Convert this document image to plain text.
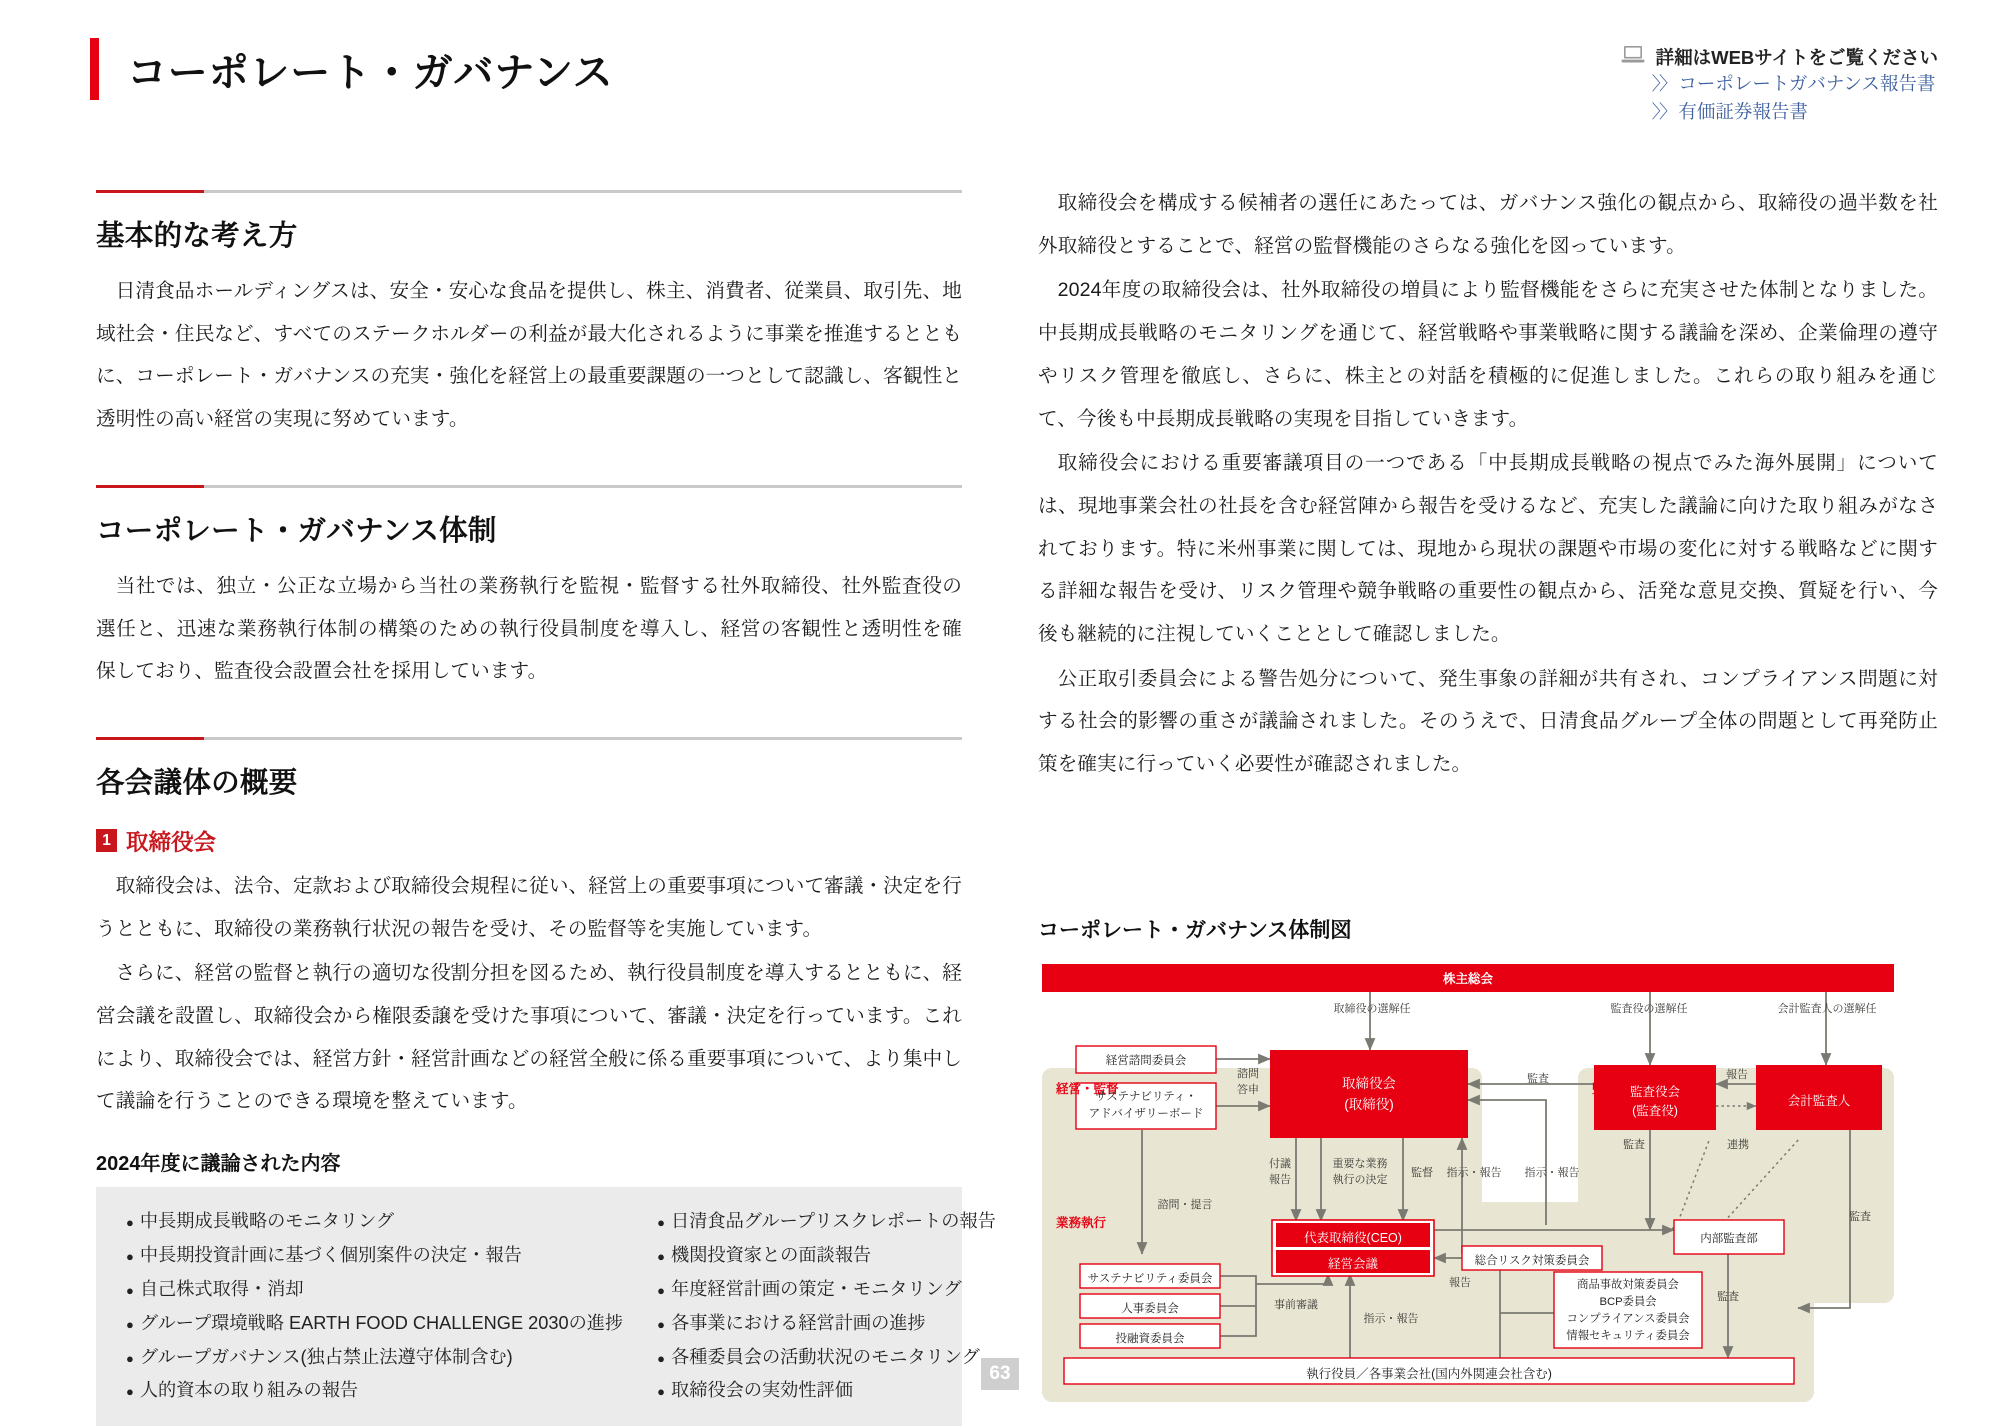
コーポレート・ガバナンス	詳細はWEBサイトをご覧ください
〉〉 コーポレートガバナンス報告書
〉〉 有価証券報告書
基本的な考え方

日清食品ホールディングスは、安全・安心な食品を提供し、株主、消費者、従業員、取引先、地域社会・住民など、すべてのステークホルダーの利益が最大化されるように事業を推進するとともに、コーポレート・ガバナンスの充実・強化を経営上の最重要課題の一つとして認識し、客観性と透明性の高い経営の実現に努めています。

コーポレート・ガバナンス体制

当社では、独立・公正な立場から当社の業務執行を監視・監督する社外取締役、社外監査役の選任と、迅速な業務執行体制の構築のための執行役員制度を導入し、経営の客観性と透明性を確保しており、監査役会設置会社を採用しています。

各会議体の概要
1 取締役会

取締役会は、法令、定款および取締役会規程に従い、経営上の重要事項について審議・決定を行うとともに、取締役の業務執行状況の報告を受け、その監督等を実施しています。

さらに、経営の監督と執行の適切な役割分担を図るため、執行役員制度を導入するとともに、経営会議を設置し、取締役会から権限委譲を受けた事項について、審議・決定を行っています。これにより、取締役会では、経営方針・経営計画などの経営全般に係る重要事項について、より集中して議論を行うことのできる環境を整えています。

2024年度に議論された内容
● 中長期成長戦略のモニタリング
● 中長期投資計画に基づく個別案件の決定・報告
● 自己株式取得・消却
● グループ環境戦略 EARTH FOOD CHALLENGE 2030の進捗
● グループガバナンス(独占禁止法遵守体制含む)
● 人的資本の取り組みの報告
● 日清食品グループリスクレポートの報告
● 機関投資家との面談報告
● 年度経営計画の策定・モニタリング
● 各事業における経営計画の進捗
● 各種委員会の活動状況のモニタリング
● 取締役会の実効性評価

取締役会を構成する候補者の選任にあたっては、ガバナンス強化の観点から、取締役の過半数を社外取締役とすることで、経営の監督機能のさらなる強化を図っています。

2024年度の取締役会は、社外取締役の増員により監督機能をさらに充実させた体制となりました。中長期成長戦略のモニタリングを通じて、経営戦略や事業戦略に関する議論を深め、企業倫理の遵守やリスク管理を徹底し、さらに、株主との対話を積極的に促進しました。これらの取り組みを通じて、今後も中長期成長戦略の実現を目指していきます。

取締役会における重要審議項目の一つである「中長期成長戦略の視点でみた海外展開」については、現地事業会社の社長を含む経営陣から報告を受けるなど、充実した議論に向けた取り組みがなされております。特に米州事業に関しては、現地から現状の課題や市場の変化に対する戦略などに関する詳細な報告を受け、リスク管理や競争戦略の重要性の観点から、活発な意見交換、質疑を行い、今後も継続的に注視していくこととして確認しました。

公正取引委員会による警告処分について、発生事象の詳細が共有され、コンプライアンス問題に対する社会的影響の重さが議論されました。そのうえで、日清食品グループ全体の問題として再発防止策を確実に行っていく必要性が確認されました。

コーポレート・ガバナンス体制図
株主総会
取締役の選解任	監査役の選解任	会計監査人の選解任
経営・監督	監査
業務執行
経営諮問委員会
サステナビリティ・
アドバイザリーボード
取締役会
(取締役)
諮問
答申
監査
監査役会
(監査役)
会計監査人
報告
連携
監査
監査
監査
付議
報告
重要な業務
執行の決定
監督	指示・報告	指示・報告
諮問・提言
代表取締役(CEO)
経営会議	総合リスク対策委員会
報告
内部監査部
サステナビリティ委員会
人事委員会
投融資委員会
事前審議
指示・報告
商品事故対策委員会
BCP委員会
コンプライアンス委員会
情報セキュリティ委員会
執行役員／各事業会社(国内外関連会社含む)
63
